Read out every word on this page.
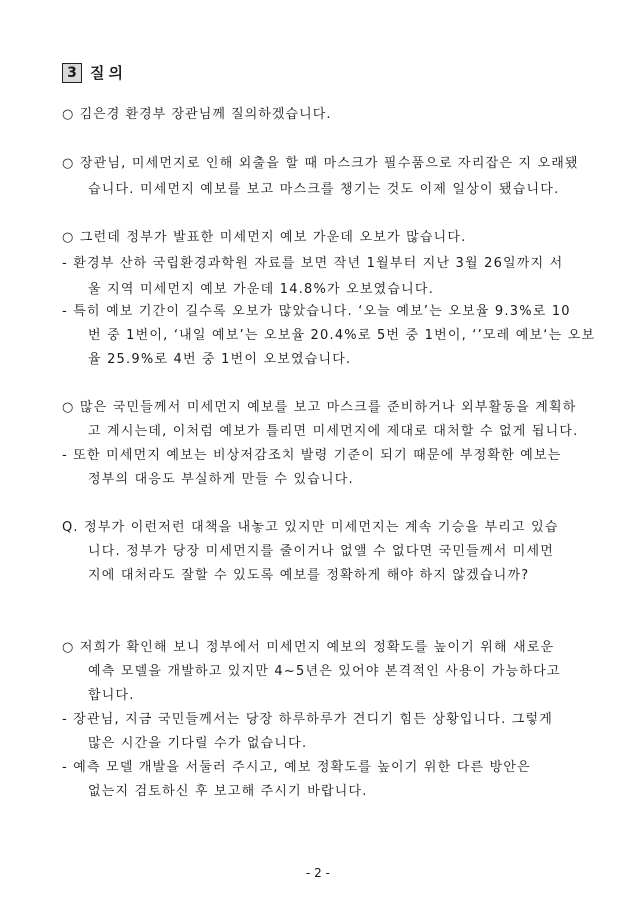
3 질의
○ 김은경 환경부 장관님께 질의하겠습니다.
○ 장관님, 미세먼지로 인해 외출을 할 때 마스크가 필수품으로 자리잡은 지 오래됐
습니다. 미세먼지 예보를 보고 마스크를 챙기는 것도 이제 일상이 됐습니다.
○ 그런데 정부가 발표한 미세먼지 예보 가운데 오보가 많습니다.
- 환경부 산하 국립환경과학원 자료를 보면 작년 1월부터 지난 3월 26일까지 서
울 지역 미세먼지 예보 가운데 14.8%가 오보였습니다.
- 특히 예보 기간이 길수록 오보가 많았습니다. ‘오늘 예보’는 오보율 9.3%로 10
번 중 1번이, ‘내일 예보’는 오보율 20.4%로 5번 중 1번이, ‘’모레 예보‘는 오보
율 25.9%로 4번 중 1번이 오보였습니다.
○ 많은 국민들께서 미세먼지 예보를 보고 마스크를 준비하거나 외부활동을 계획하
고 계시는데, 이처럼 예보가 틀리면 미세먼지에 제대로 대처할 수 없게 됩니다.
- 또한 미세먼지 예보는 비상저감조치 발령 기준이 되기 때문에 부정확한 예보는
정부의 대응도 부실하게 만들 수 있습니다.
Q. 정부가 이런저런 대책을 내놓고 있지만 미세먼지는 계속 기승을 부리고 있습
니다. 정부가 당장 미세먼지를 줄이거나 없앨 수 없다면 국민들께서 미세먼
지에 대처라도 잘할 수 있도록 예보를 정확하게 해야 하지 않겠습니까?
○ 저희가 확인해 보니 정부에서 미세먼지 예보의 정확도를 높이기 위해 새로운
예측 모델을 개발하고 있지만 4~5년은 있어야 본격적인 사용이 가능하다고
합니다.
- 장관님, 지금 국민들께서는 당장 하루하루가 견디기 힘든 상황입니다. 그렇게
많은 시간을 기다릴 수가 없습니다.
- 예측 모델 개발을 서둘러 주시고, 예보 정확도를 높이기 위한 다른 방안은
없는지 검토하신 후 보고해 주시기 바랍니다.
- 2 -
